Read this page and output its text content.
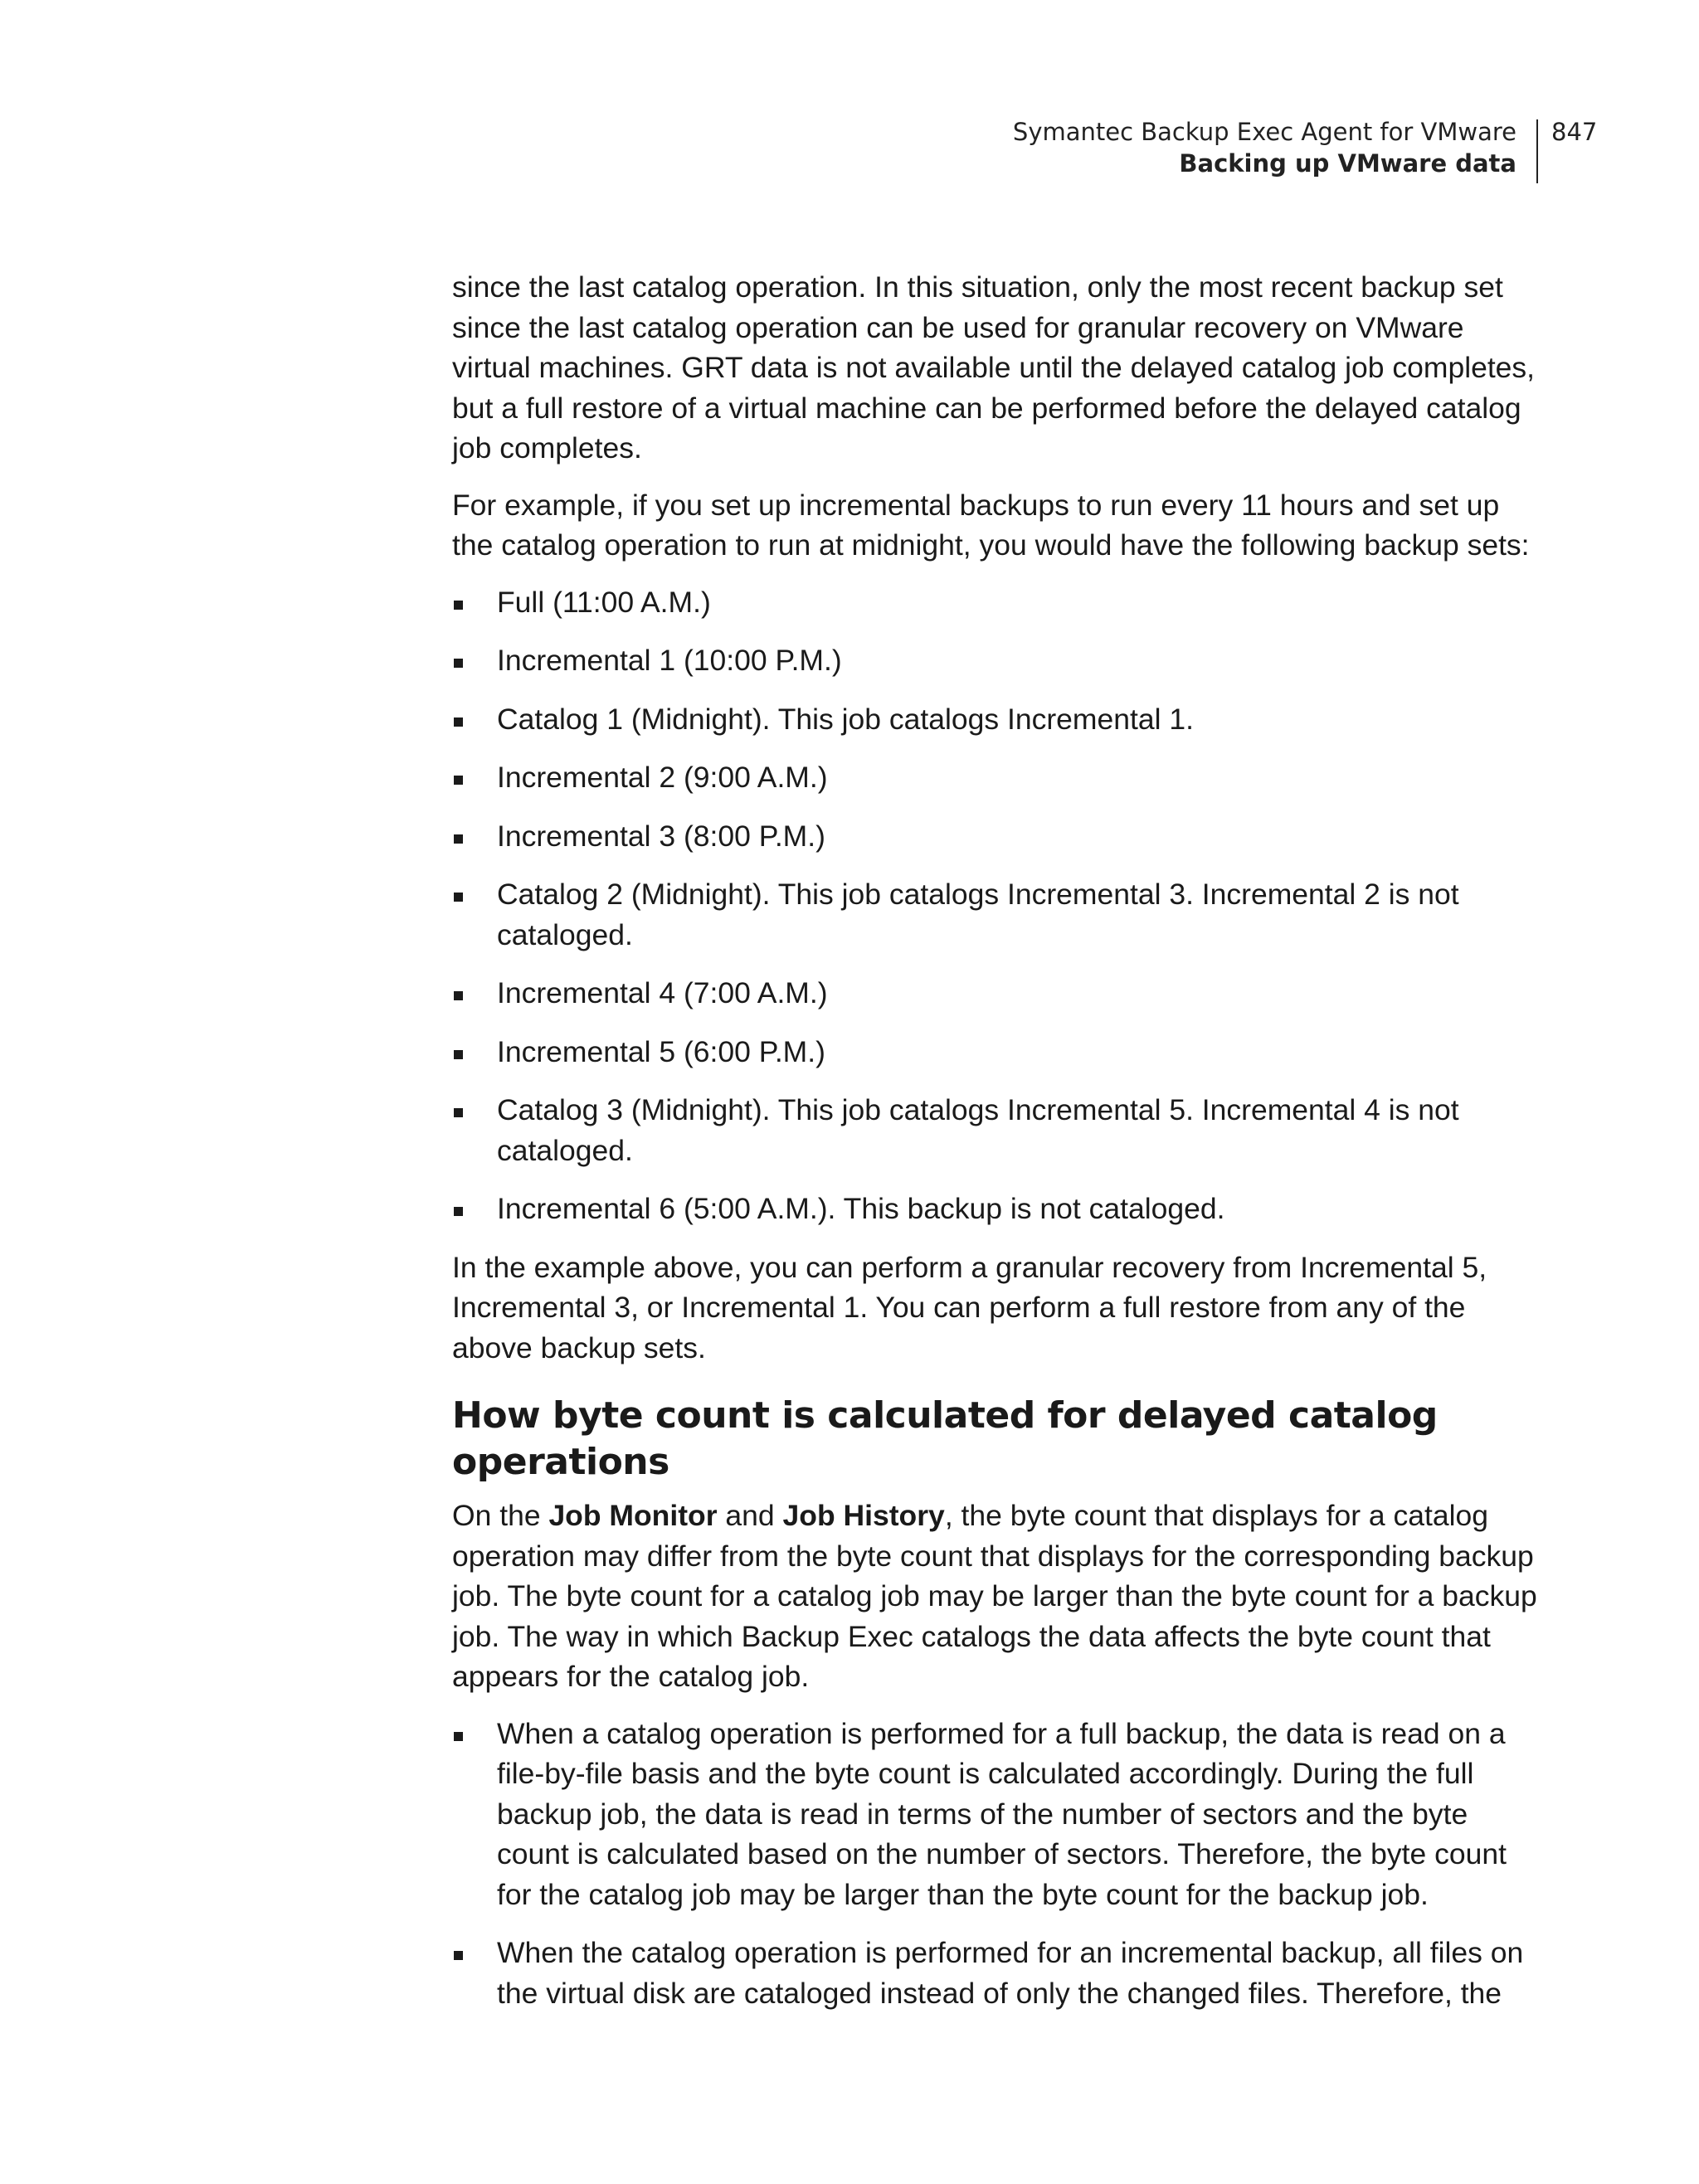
Symantec Backup Exec Agent for VMware
Backing up VMware data
847

since the last catalog operation. In this situation, only the most recent backup set since the last catalog operation can be used for granular recovery on VMware virtual machines. GRT data is not available until the delayed catalog job completes, but a full restore of a virtual machine can be performed before the delayed catalog job completes.

For example, if you set up incremental backups to run every 11 hours and set up the catalog operation to run at midnight, you would have the following backup sets:

Full (11:00 A.M.)
Incremental 1 (10:00 P.M.)
Catalog 1 (Midnight). This job catalogs Incremental 1.
Incremental 2 (9:00 A.M.)
Incremental 3 (8:00 P.M.)
Catalog 2 (Midnight). This job catalogs Incremental 3. Incremental 2 is not cataloged.
Incremental 4 (7:00 A.M.)
Incremental 5 (6:00 P.M.)
Catalog 3 (Midnight). This job catalogs Incremental 5. Incremental 4 is not cataloged.
Incremental 6 (5:00 A.M.). This backup is not cataloged.

In the example above, you can perform a granular recovery from Incremental 5, Incremental 3, or Incremental 1. You can perform a full restore from any of the above backup sets.

How byte count is calculated for delayed catalog operations

On the Job Monitor and Job History, the byte count that displays for a catalog operation may differ from the byte count that displays for the corresponding backup job. The byte count for a catalog job may be larger than the byte count for a backup job. The way in which Backup Exec catalogs the data affects the byte count that appears for the catalog job.

When a catalog operation is performed for a full backup, the data is read on a file-by-file basis and the byte count is calculated accordingly. During the full backup job, the data is read in terms of the number of sectors and the byte count is calculated based on the number of sectors. Therefore, the byte count for the catalog job may be larger than the byte count for the backup job.
When the catalog operation is performed for an incremental backup, all files on the virtual disk are cataloged instead of only the changed files. Therefore, the
